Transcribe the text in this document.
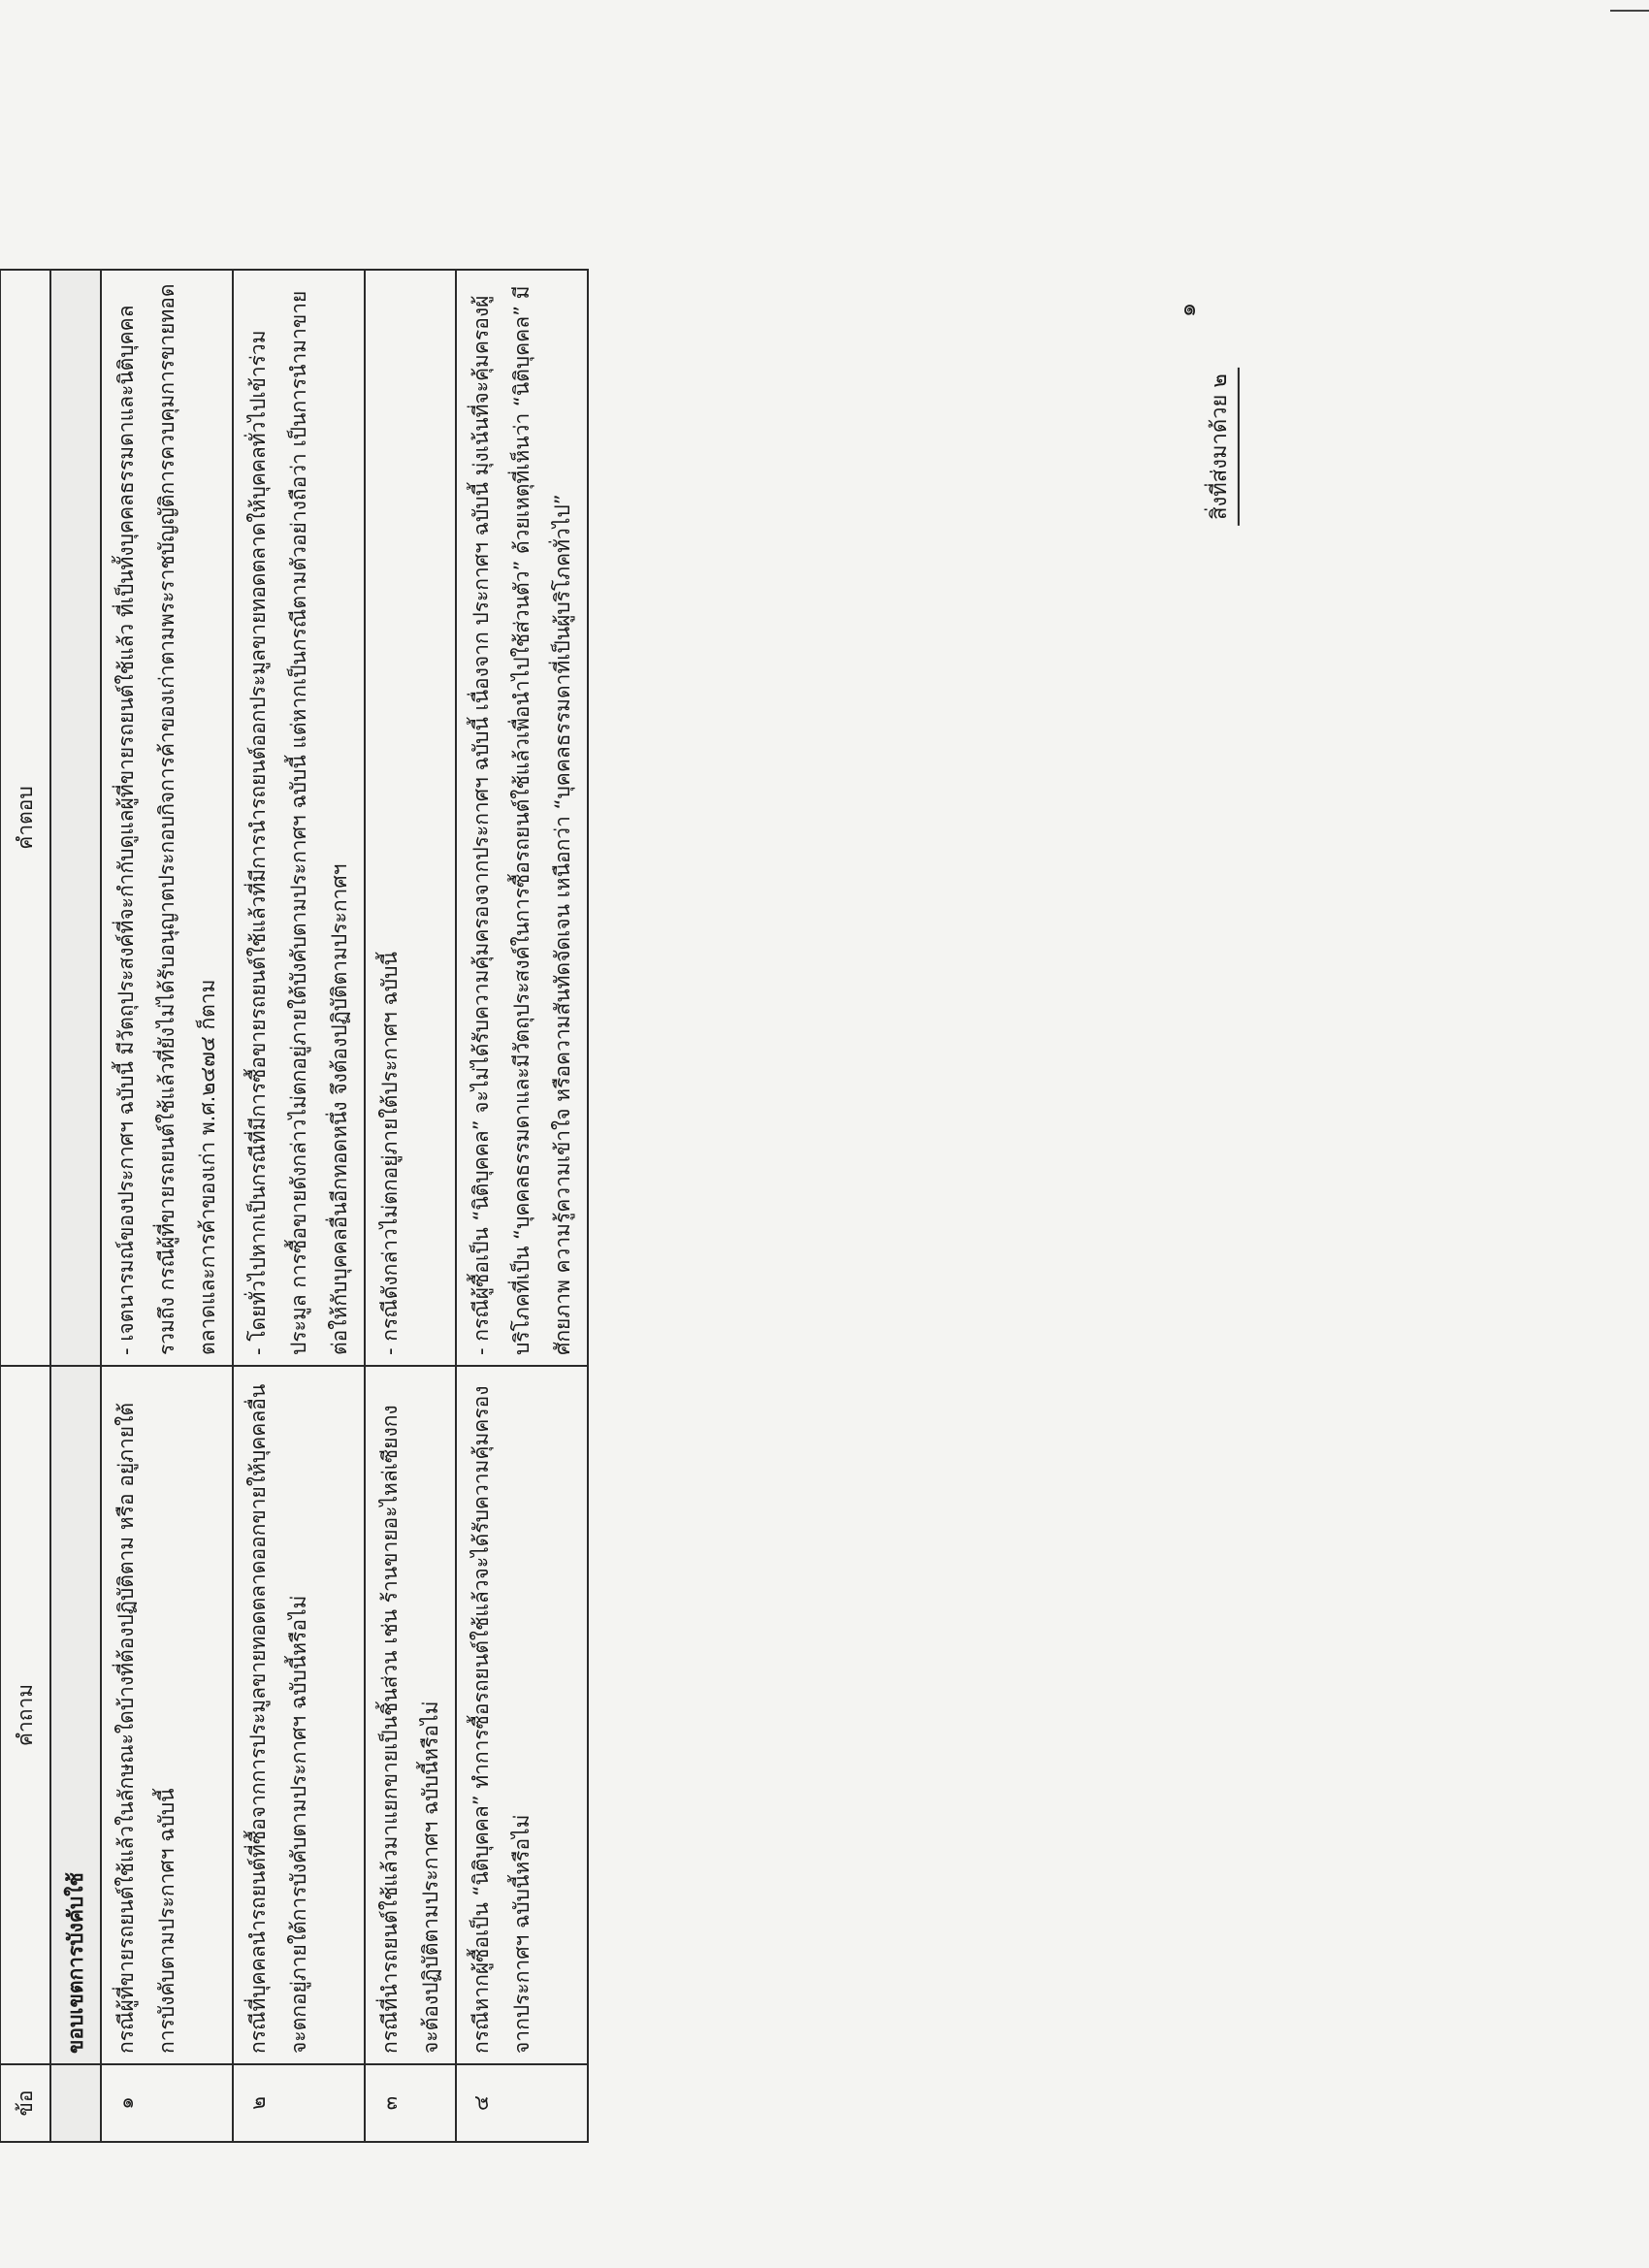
๑
สิ่งที่ส่งมาด้วย ๒

ข้อ	คำถาม	คำตอบ
	ขอบเขตการบังคับใช้	
๑	กรณีผู้ที่ขายรถยนต์ใช้แล้วในลักษณะใดบ้างที่ต้องปฏิบัติตาม หรือ อยู่ภายใต้การบังคับตามประกาศฯ ฉบับนี้	- เจตนารมณ์ของประกาศฯ ฉบับนี้ มีวัตถุประสงค์ที่จะกำกับดูแลผู้ที่ขายรถยนต์ใช้แล้ว ที่เป็นทั้งบุคคลธรรมดาและนิติบุคคล รวมถึง กรณีผู้ที่ขายรถยนต์ใช้แล้วที่ยังไม่ได้รับอนุญาตประกอบกิจการค้าของเก่าตามพระราชบัญญัติการควบคุมการขายทอดตลาดและการค้าของเก่า พ.ศ.๒๔๗๔ ก็ตาม
๒	กรณีที่บุคคลนำรถยนต์ที่ซื้อจากการประมูลขายทอดตลาดออกขายให้บุคคลอื่น จะตกอยู่ภายใต้การบังคับตามประกาศฯ ฉบับนี้หรือไม่	- โดยทั่วไปหากเป็นกรณีที่มีการซื้อขายรถยนต์ใช้แล้วที่มีการนำรถยนต์ออกประมูลขายทอดตลาดให้บุคคลทั่วไปเข้าร่วมประมูล การซื้อขายดังกล่าวไม่ตกอยู่ภายใต้บังคับตามประกาศฯ ฉบับนี้ แต่หากเป็นกรณีตามตัวอย่างถือว่า เป็นการนำมาขายต่อให้กับบุคคลอื่นอีกทอดหนึ่ง จึงต้องปฏิบัติตามประกาศฯ
๓	กรณีที่นำรถยนต์ใช้แล้วมาแยกขายเป็นชิ้นส่วน เช่น ร้านขายอะไหล่เซียงกง จะต้องปฏิบัติตามประกาศฯ ฉบับนี้หรือไม่	- กรณีดังกล่าวไม่ตกอยู่ภายใต้ประกาศฯ ฉบับนี้
๔	กรณีหากผู้ซื้อเป็น “นิติบุคคล” ทำการซื้อรถยนต์ใช้แล้วจะได้รับความคุ้มครองจากประกาศฯ ฉบับนี้หรือไม่	- กรณีผู้ซื้อเป็น “นิติบุคคล” จะไม่ได้รับความคุ้มครองจากประกาศฯ ฉบับนี้ เนื่องจาก ประกาศฯ ฉบับนี้ มุ่งเน้นที่จะคุ้มครองผู้บริโภคที่เป็น “บุคคลธรรมดาและมีวัตถุประสงค์ในการซื้อรถยนต์ใช้แล้วเพื่อนำไปใช้ส่วนตัว” ด้วยเหตุที่เห็นว่า “นิติบุคคล” มีศักยภาพ ความรู้ความเข้าใจ หรือความสันทัดจัดเจน เหนือกว่า “บุคคลธรรมดาที่เป็นผู้บริโภคทั่วไป”
